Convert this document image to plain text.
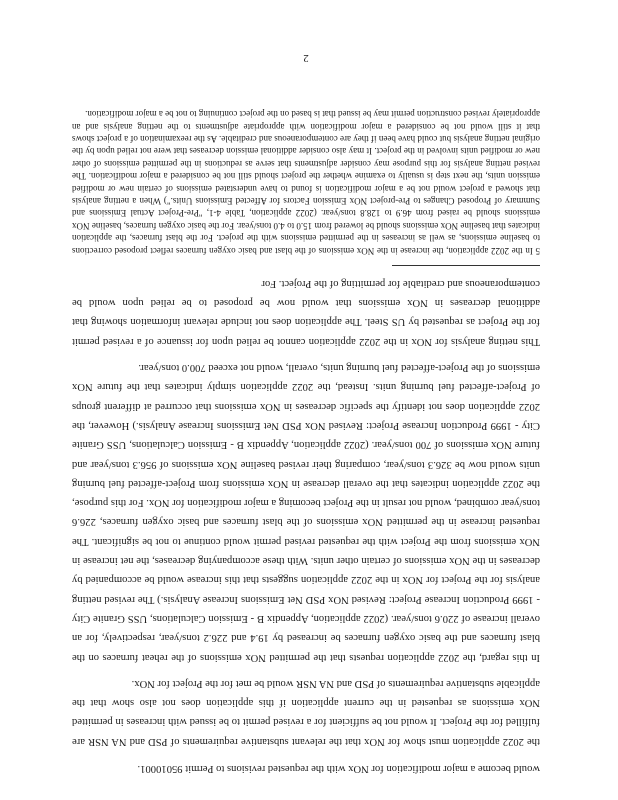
would become a major modification for NOx with the requested revisions to Permit 95010001.

the 2022 application must show for NOx that the relevant substantive requirements of PSD and NA NSR are fulfilled for the Project. It would not be sufficient for a revised permit to be issued with increases in permitted NOx emissions as requested in the current application if this application does not also show that the applicable substantive requirements of PSD and NA NSR would be met for the Project for NOx.

In this regard, the 2022 application requests that the permitted NOx emissions of the reheat furnaces on the blast furnaces and the basic oxygen furnaces be increased by 19.4 and 226.2 tons/year, respectively, for an overall increase of 220.6 tons/year. (2022 application, Appendix B - Emission Calculations, USS Granite City - 1999 Production Increase Project: Revised NOx PSD Net Emissions Increase Analysis.) The revised netting analysis for the Project for NOx in the 2022 application suggests that this increase would be accompanied by decreases in the NOx emissions of certain other units. With these accompanying decreases, the net increase in NOx emissions from the Project with the requested revised permit would continue to not be significant. The requested increase in the permitted NOx emissions of the blast furnaces and basic oxygen furnaces, 226.6 tons/year combined, would not result in the Project becoming a major modification for NOx. For this purpose, the 2022 application indicates that the overall decrease in NOx emissions from Project-affected fuel burning units would now be 326.3 tons/year, comparing their revised baseline NOx emissions of 956.3 tons/year and future NOx emissions of 700 tons/year. (2022 application, Appendix B - Emission Calculations, USS Granite City - 1999 Production Increase Project: Revised NOx PSD Net Emissions Increase Analysis.) However, the 2022 application does not identify the specific decreases in NOx emissions that occurred at different groups of Project-affected fuel burning units. Instead, the 2022 application simply indicates that the future NOx emissions of the Project-affected fuel burning units, overall, would not exceed 700.0 tons/year.

This netting analysis for NOx in the 2022 application cannot be relied upon for issuance of a revised permit for the Project as requested by US Steel. The application does not include relevant information showing that additional decreases in NOx emissions that would now be proposed to be relied upon would be contemporaneous and creditable for permitting of the Project. For

5 In the 2022 application, the increase in the NOx emissions of the blast and basic oxygen furnaces reflect proposed corrections to baseline emissions, as well as increases in the permitted emissions with the project. For the blast furnaces, the application indicates that baseline NOx emissions should be lowered from 15.0 to 4.0 tons/year. For the basic oxygen furnaces, baseline NOx emissions should be raised from 46.9 to 128.8 tons/year. (2022 application, Table 4-1, "Pre-Project Actual Emissions and Summary of Proposed Changes to Pre-project NOx Emission Factors for Affected Emissions Units.") When a netting analysis that showed a project would not be a major modification is found to have understated emissions of certain new or modified emission units, the next step is usually to examine whether the project should still not be considered a major modification. The revised netting analysis for this purpose may consider adjustments that serve as reductions in the permitted emissions of other new or modified units involved in the project. It may also consider additional emission decreases that were not relied upon by the original netting analysis but could have been if they are contemporaneous and creditable. As the reexamination of a project shows that it still would not be considered a major modification with appropriate adjustments to the netting analysis and an appropriately revised construction permit may be issued that is based on the project continuing to not be a major modification.

2
